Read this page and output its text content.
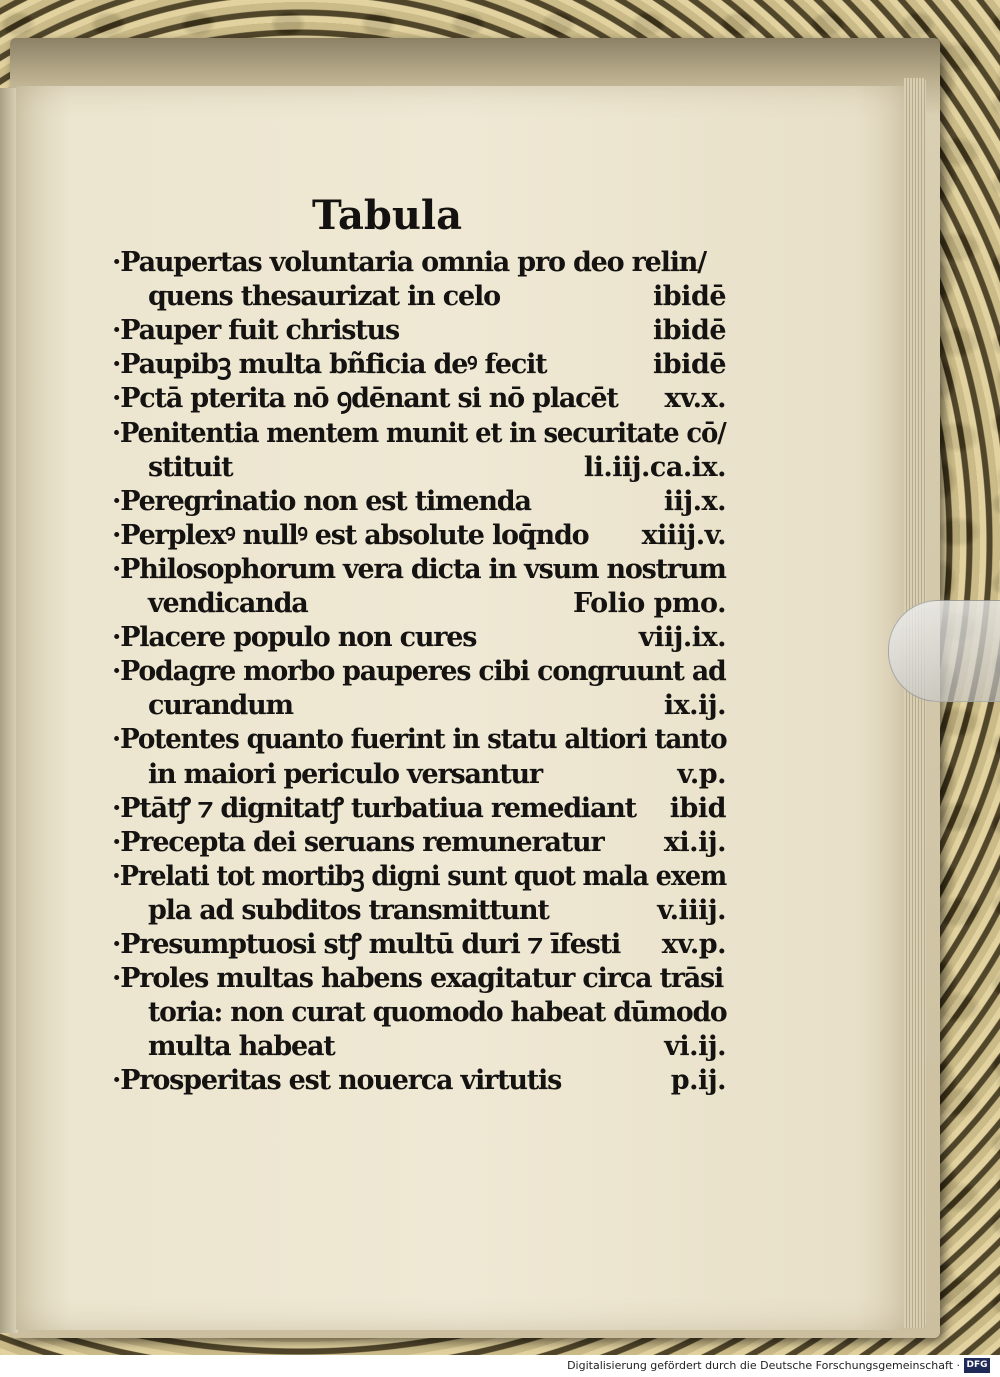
Tabula
·Paupertas voluntaria omnia pro deo relin/
quens thesaurizat in celo	ibidē
·Pauper fuit christus	ibidē
·Paupibꝫ multa bñficia deꝰ fecit	ibidē
·Pctā pterita nō ꝯdēnant si nō placēt xv.x.
·Penitentia mentem munit et in securitate cō/
stituit	li.iij.ca.ix.
·Peregrinatio non est timenda	iij.x.
·Perplexꝰ nullꝰ est absolute loq̄ndo xiiij.v.
·Philosophorum vera dicta in vsum nostrum
vendicanda	Folio pmo.
·Placere populo non cures	viij.ix.
·Podagre morbo pauperes cibi congruunt ad
curandum	ix.ij.
·Potentes quanto fuerint in statu altiori tanto
in maiori periculo versantur	v.p.
·Ptātꝭ ⁊ dignitatꝭ turbatiua remediant ibid
·Precepta dei seruans remuneratur xi.ij.
·Prelati tot mortibꝫ digni sunt quot mala exem
pla ad subditos transmittunt	v.iiij.
·Presumptuosi stꝭ multū duri ⁊ īfesti xv.p.
·Proles multas habens exagitatur circa trāsi
toria: non curat quomodo habeat dūmodo
multa habeat	vi.ij.
·Prosperitas est nouerca virtutis	p.ij.
Digitalisierung gefördert durch die Deutsche Forschungsgemeinschaft · DFG
